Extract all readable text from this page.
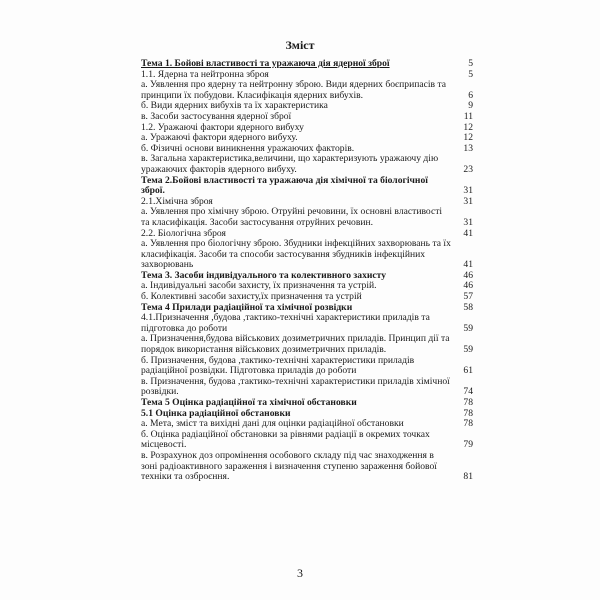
Зміст
Тема 1. Бойові властивості та уражаюча дія ядерної зброї	5
1.1. Ядерна та нейтронна зброя	5
а. Уявлення про ядерну та нейтронну зброю. Види ядерних боєприпасів та принципи їх побудови. Класифікація ядерних вибухів.	6
б. Види ядерних вибухів та їх характеристика	9
в. Засоби застосування ядерної зброї	11
1.2. Уражаючі фактори ядерного вибуху	12
а. Уражаючі фактори ядерного вибуху.	12
б. Фізичні основи виникнення уражаючих факторів.	13
в. Загальна характеристика,величини, що характеризують уражаючу дію уражаючих факторів ядерного вибуху.	23
Тема 2.Бойові властивості та уражаюча дія хімічної та біологічної зброї.	31
2.1.Хімічна зброя	31
а. Уявлення про хімічну зброю. Отруйні речовини, їх основні властивості та класифікація. Засоби застосування отруйних речовин.	31
2.2. Біологічна зброя	41
а. Уявлення про біологічну зброю. Збудники інфекційних захворювань та їх класифікація. Засоби та способи застосування збудників інфекційних захворювань	41
Тема 3. Засоби індивідуального та колективного захисту	46
а. Індивідуальні засоби захисту, їх призначення та устрій.	46
б. Колективні засоби захисту,їх призначення та устрій	57
Тема 4 Прилади радіаційної та хімічної розвідки	58
4.1.Призначення ,будова ,тактико-технічні характеристики приладів та підготовка до роботи	59
а. Призначення,будова військових дозиметричних приладів. Принцип дії та порядок використання військових дозиметричних приладів.	59
б. Призначення, будова ,тактико-технічні характеристики приладів радіаційної розвідки. Підготовка приладів до роботи	61
в. Призначення, будова ,тактико-технічні характеристики приладів хімічної розвідки.	74
Тема 5 Оцінка радіаційної та хімічної обстановки	78
5.1 Оцінка радіаційної обстановки	78
а. Мета, зміст та вихідні дані для оцінки радіаційної обстановки	78
б. Оцінка радіаційної обстановки за рівнями радіації в окремих точках місцевості.	79
в. Розрахунок доз опромінення особового складу під час знаходження в зоні радіоактивного зараження і визначення ступеню зараження бойової техніки та озброєння.	81
3
